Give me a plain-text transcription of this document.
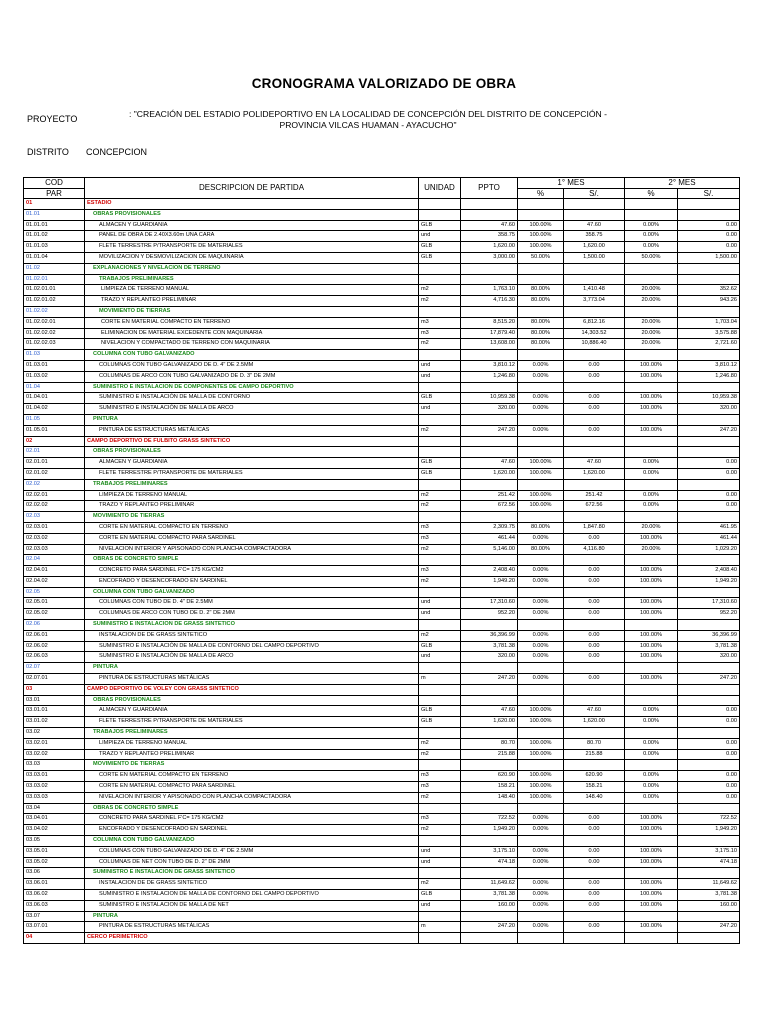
CRONOGRAMA VALORIZADO DE OBRA
PROYECTO	: "CREACIÓN DEL ESTADIO POLIDEPORTIVO EN LA LOCALIDAD DE CONCEPCIÓN DEL DISTRITO DE CONCEPCIÓN -
PROVINCIA VILCAS HUAMAN - AYACUCHO"
DISTRITO CONCEPCION
COD	DESCRIPCION DE PARTIDA	UNIDAD	PPTO	1° MES		2° MES	
PAR				%	S/.	%	S/.
01	ESTADIO						
01.01	OBRAS PROVISIONALES						
01.01.01	ALMACEN Y GUARDIANIA	GLB	47.60	100.00%	47.60	0.00%	0.00
01.01.02	PANEL DE OBRA DE 2.40X3.60m UNA CARA	und	358.75	100.00%	358.75	0.00%	0.00
01.01.03	FLETE TERRESTRE P/TRANSPORTE DE MATERIALES	GLB	1,620.00	100.00%	1,620.00	0.00%	0.00
01.01.04	MOVILIZACION Y DESMOVILIZACION DE MAQUINARIA	GLB	3,000.00	50.00%	1,500.00	50.00%	1,500.00
01.02	EXPLANACIONES Y NIVELACION DE TERRENO						
01.02.01	TRABAJOS PRELIMINARES						
01.02.01.01	LIMPIEZA DE TERRENO MANUAL	m2	1,763.10	80.00%	1,410.48	20.00%	352.62
01.02.01.02	TRAZO Y REPLANTEO PRELIMINAR	m2	4,716.30	80.00%	3,773.04	20.00%	943.26
01.02.02	MOVIMIENTO DE TIERRAS						
01.02.02.01	CORTE EN MATERIAL COMPACTO EN TERRENO	m3	8,515.20	80.00%	6,812.16	20.00%	1,703.04
01.02.02.02	ELIMINACION DE MATERIAL EXCEDENTE CON MAQUINARIA	m3	17,879.40	80.00%	14,303.52	20.00%	3,575.88
01.02.02.03	NIVELACION Y COMPACTADO DE TERRENO CON MAQUINARIA	m2	13,608.00	80.00%	10,886.40	20.00%	2,721.60
01.03	COLUMNA CON TUBO GALVANIZADO						
01.03.01	COLUMNAS CON TUBO GALVANIZADO DE D. 4" DE 2.5MM	und	3,810.12	0.00%	0.00	100.00%	3,810.12
01.03.02	COLUMNAS DE ARCO CON TUBO GALVANIZADO DE D. 3" DE 2MM	und	1,246.80	0.00%	0.00	100.00%	1,246.80
01.04	SUMINISTRO E INSTALACION DE COMPONENTES DE CAMPO DEPORTIVO						
01.04.01	SUMINISTRO E INSTALACIÓN DE MALLA DE CONTORNO	GLB	10,959.38	0.00%	0.00	100.00%	10,959.38
01.04.02	SUMINISTRO E INSTALACIÓN DE MALLA DE ARCO	und	320.00	0.00%	0.00	100.00%	320.00
01.05	PINTURA						
01.05.01	PINTURA DE ESTRUCTURAS METÁLICAS	m2	247.20	0.00%	0.00	100.00%	247.20
02	CAMPO DEPORTIVO DE FULBITO GRASS SINTETICO						
02.01	OBRAS PROVISIONALES						
02.01.01	ALMACEN Y GUARDIANIA	GLB	47.60	100.00%	47.60	0.00%	0.00
02.01.02	FLETE TERRESTRE P/TRANSPORTE DE MATERIALES	GLB	1,620.00	100.00%	1,620.00	0.00%	0.00
02.02	TRABAJOS PRELIMINARES						
02.02.01	LIMPIEZA DE TERRENO MANUAL	m2	251.42	100.00%	251.42	0.00%	0.00
02.02.02	TRAZO Y REPLANTEO PRELIMINAR	m2	672.56	100.00%	672.56	0.00%	0.00
02.03	MOVIMIENTO DE TIERRAS						
02.03.01	CORTE EN MATERIAL COMPACTO EN TERRENO	m3	2,309.75	80.00%	1,847.80	20.00%	461.95
02.03.02	CORTE EN MATERIAL COMPACTO PARA SARDINEL	m3	461.44	0.00%	0.00	100.00%	461.44
02.03.03	NIVELACION INTERIOR Y APISONADO CON PLANCHA COMPACTADORA	m2	5,146.00	80.00%	4,116.80	20.00%	1,029.20
02.04	OBRAS DE CONCRETO SIMPLE						
02.04.01	CONCRETO PARA SARDINEL F'C= 175 KG/CM2	m3	2,408.40	0.00%	0.00	100.00%	2,408.40
02.04.02	ENCOFRADO Y DESENCOFRADO EN SARDINEL	m2	1,949.20	0.00%	0.00	100.00%	1,949.20
02.05	COLUMNA CON TUBO GALVANIZADO						
02.05.01	COLUMNAS CON TUBO DE D. 4" DE 2.5MM	und	17,310.60	0.00%	0.00	100.00%	17,310.60
02.05.02	COLUMNAS DE ARCO CON TUBO DE D. 2" DE 2MM	und	952.20	0.00%	0.00	100.00%	952.20
02.06	SUMINISTRO E INSTALACION DE GRASS SINTETICO						
02.06.01	INSTALACION DE DE GRASS SINTETICO	m2	36,396.99	0.00%	0.00	100.00%	36,396.99
02.06.02	SUMINISTRO E INSTALACIÓN DE MALLA DE CONTORNO DEL CAMPO DEPORTIVO	GLB	3,781.38	0.00%	0.00	100.00%	3,781.38
02.06.03	SUMINISTRO E INSTALACIÓN DE MALLA DE ARCO	und	320.00	0.00%	0.00	100.00%	320.00
02.07	PINTURA						
02.07.01	PINTURA DE ESTRUCTURAS METÁLICAS	m	247.20	0.00%	0.00	100.00%	247.20
03	CAMPO DEPORTIVO DE VOLEY CON GRASS SINTETICO						
03.01	OBRAS PROVISIONALES						
03.01.01	ALMACEN Y GUARDIANIA	GLB	47.60	100.00%	47.60	0.00%	0.00
03.01.02	FLETE TERRESTRE P/TRANSPORTE DE MATERIALES	GLB	1,620.00	100.00%	1,620.00	0.00%	0.00
03.02	TRABAJOS PRELIMINARES						
03.02.01	LIMPIEZA DE TERRENO MANUAL	m2	80.70	100.00%	80.70	0.00%	0.00
03.02.02	TRAZO Y REPLANTEO PRELIMINAR	m2	215.88	100.00%	215.88	0.00%	0.00
03.03	MOVIMIENTO DE TIERRAS						
03.03.01	CORTE EN MATERIAL COMPACTO EN TERRENO	m3	620.90	100.00%	620.90	0.00%	0.00
03.03.02	CORTE EN MATERIAL COMPACTO PARA SARDINEL	m3	158.21	100.00%	158.21	0.00%	0.00
03.03.03	NIVELACION INTERIOR Y APISONADO CON PLANCHA COMPACTADORA	m2	148.40	100.00%	148.40	0.00%	0.00
03.04	OBRAS DE CONCRETO SIMPLE						
03.04.01	CONCRETO PARA SARDINEL F'C= 175 KG/CM2	m3	722.52	0.00%	0.00	100.00%	722.52
03.04.02	ENCOFRADO Y DESENCOFRADO EN SARDINEL	m2	1,949.20	0.00%	0.00	100.00%	1,949.20
03.05	COLUMNA CON TUBO GALVANIZADO						
03.05.01	COLUMNAS CON TUBO GALVANIZADO DE D. 4" DE 2.5MM	und	3,175.10	0.00%	0.00	100.00%	3,175.10
03.05.02	COLUMNAS DE NET CON TUBO DE D. 2" DE 2MM	und	474.18	0.00%	0.00	100.00%	474.18
03.06	SUMINISTRO E INSTALACION DE GRASS SINTETICO						
03.06.01	INSTALACION DE DE GRASS SINTETICO	m2	11,649.62	0.00%	0.00	100.00%	11,649.62
03.06.02	SUMINISTRO E INSTALACION DE MALLA DE CONTORNO DEL CAMPO DEPORTIVO	GLB	3,781.38	0.00%	0.00	100.00%	3,781.38
03.06.03	SUMINISTRO E INSTALACION DE MALLA DE NET	und	160.00	0.00%	0.00	100.00%	160.00
03.07	PINTURA						
03.07.01	PINTURA DE ESTRUCTURAS METÁLICAS	m	247.20	0.00%	0.00	100.00%	247.20
04	CERCO PERIMETRICO						
